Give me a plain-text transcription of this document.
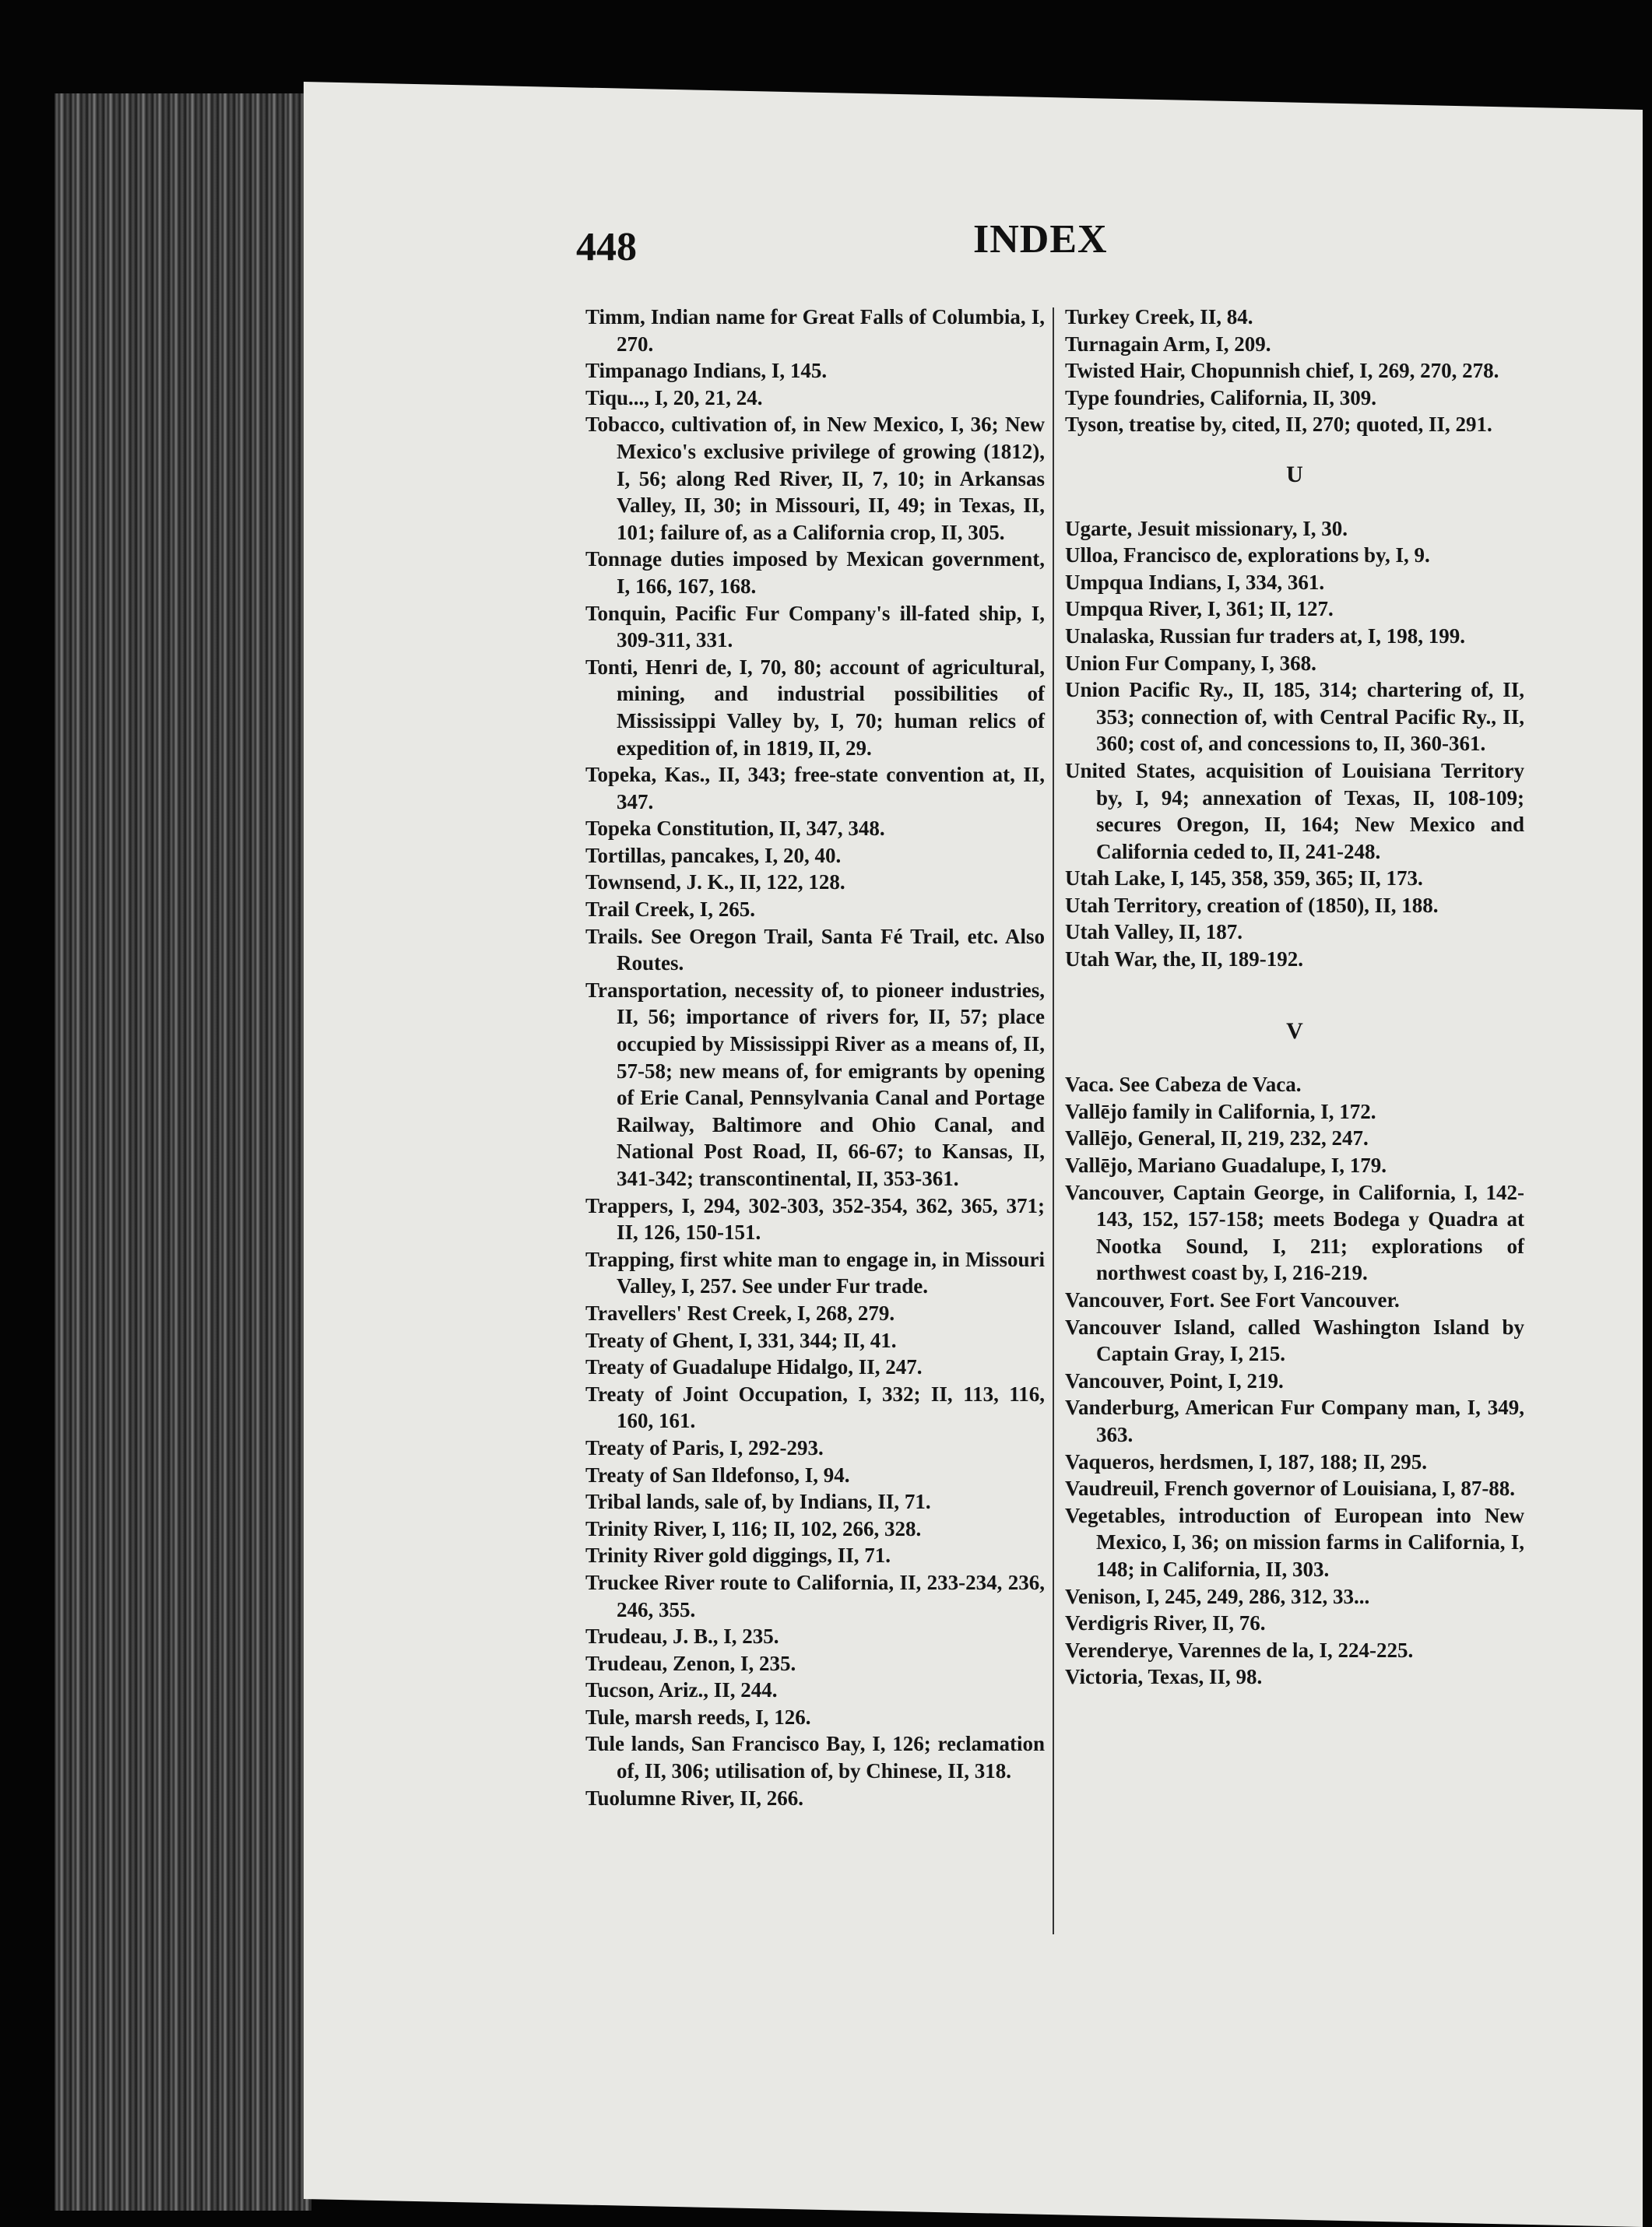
448	INDEX

Timm, Indian name for Great Falls of Columbia, I, 270.

Timpanago Indians, I, 145.

Tiqu..., I, 20, 21, 24.

Tobacco, cultivation of, in New Mexico, I, 36; New Mexico's exclusive privilege of growing (1812), I, 56; along Red River, II, 7, 10; in Arkansas Valley, II, 30; in Missouri, II, 49; in Texas, II, 101; failure of, as a California crop, II, 305.

Tonnage duties imposed by Mexican government, I, 166, 167, 168.

Tonquin, Pacific Fur Company's ill-fated ship, I, 309-311, 331.

Tonti, Henri de, I, 70, 80; account of agricultural, mining, and industrial possibilities of Mississippi Valley by, I, 70; human relics of expedition of, in 1819, II, 29.

Topeka, Kas., II, 343; free-state convention at, II, 347.

Topeka Constitution, II, 347, 348.

Tortillas, pancakes, I, 20, 40.

Townsend, J. K., II, 122, 128.

Trail Creek, I, 265.

Trails. See Oregon Trail, Santa Fé Trail, etc. Also Routes.

Transportation, necessity of, to pioneer industries, II, 56; importance of rivers for, II, 57; place occupied by Mississippi River as a means of, II, 57-58; new means of, for emigrants by opening of Erie Canal, Pennsylvania Canal and Portage Railway, Baltimore and Ohio Canal, and National Post Road, II, 66-67; to Kansas, II, 341-342; transcontinental, II, 353-361.

Trappers, I, 294, 302-303, 352-354, 362, 365, 371; II, 126, 150-151.

Trapping, first white man to engage in, in Missouri Valley, I, 257. See under Fur trade.

Travellers' Rest Creek, I, 268, 279.

Treaty of Ghent, I, 331, 344; II, 41.

Treaty of Guadalupe Hidalgo, II, 247.

Treaty of Joint Occupation, I, 332; II, 113, 116, 160, 161.

Treaty of Paris, I, 292-293.

Treaty of San Ildefonso, I, 94.

Tribal lands, sale of, by Indians, II, 71.

Trinity River, I, 116; II, 102, 266, 328.

Trinity River gold diggings, II, 71.

Truckee River route to California, II, 233-234, 236, 246, 355.

Trudeau, J. B., I, 235.

Trudeau, Zenon, I, 235.

Tucson, Ariz., II, 244.

Tule, marsh reeds, I, 126.

Tule lands, San Francisco Bay, I, 126; reclamation of, II, 306; utilisation of, by Chinese, II, 318.

Tuolumne River, II, 266.

Turkey Creek, II, 84.

Turnagain Arm, I, 209.

Twisted Hair, Chopunnish chief, I, 269, 270, 278.

Type foundries, California, II, 309.

Tyson, treatise by, cited, II, 270; quoted, II, 291.

U

Ugarte, Jesuit missionary, I, 30.

Ulloa, Francisco de, explorations by, I, 9.

Umpqua Indians, I, 334, 361.

Umpqua River, I, 361; II, 127.

Unalaska, Russian fur traders at, I, 198, 199.

Union Fur Company, I, 368.

Union Pacific Ry., II, 185, 314; chartering of, II, 353; connection of, with Central Pacific Ry., II, 360; cost of, and concessions to, II, 360-361.

United States, acquisition of Louisiana Territory by, I, 94; annexation of Texas, II, 108-109; secures Oregon, II, 164; New Mexico and California ceded to, II, 241-248.

Utah Lake, I, 145, 358, 359, 365; II, 173.

Utah Territory, creation of (1850), II, 188.

Utah Valley, II, 187.

Utah War, the, II, 189-192.

V

Vaca. See Cabeza de Vaca.

Vallējo family in California, I, 172.

Vallējo, General, II, 219, 232, 247.

Vallējo, Mariano Guadalupe, I, 179.

Vancouver, Captain George, in California, I, 142-143, 152, 157-158; meets Bodega y Quadra at Nootka Sound, I, 211; explorations of northwest coast by, I, 216-219.

Vancouver, Fort. See Fort Vancouver.

Vancouver Island, called Washington Island by Captain Gray, I, 215.

Vancouver, Point, I, 219.

Vanderburg, American Fur Company man, I, 349, 363.

Vaqueros, herdsmen, I, 187, 188; II, 295.

Vaudreuil, French governor of Louisiana, I, 87-88.

Vegetables, introduction of European into New Mexico, I, 36; on mission farms in California, I, 148; in California, II, 303.

Venison, I, 245, 249, 286, 312, 33...

Verdigris River, II, 76.

Verenderye, Varennes de la, I, 224-225.

Victoria, Texas, II, 98.
